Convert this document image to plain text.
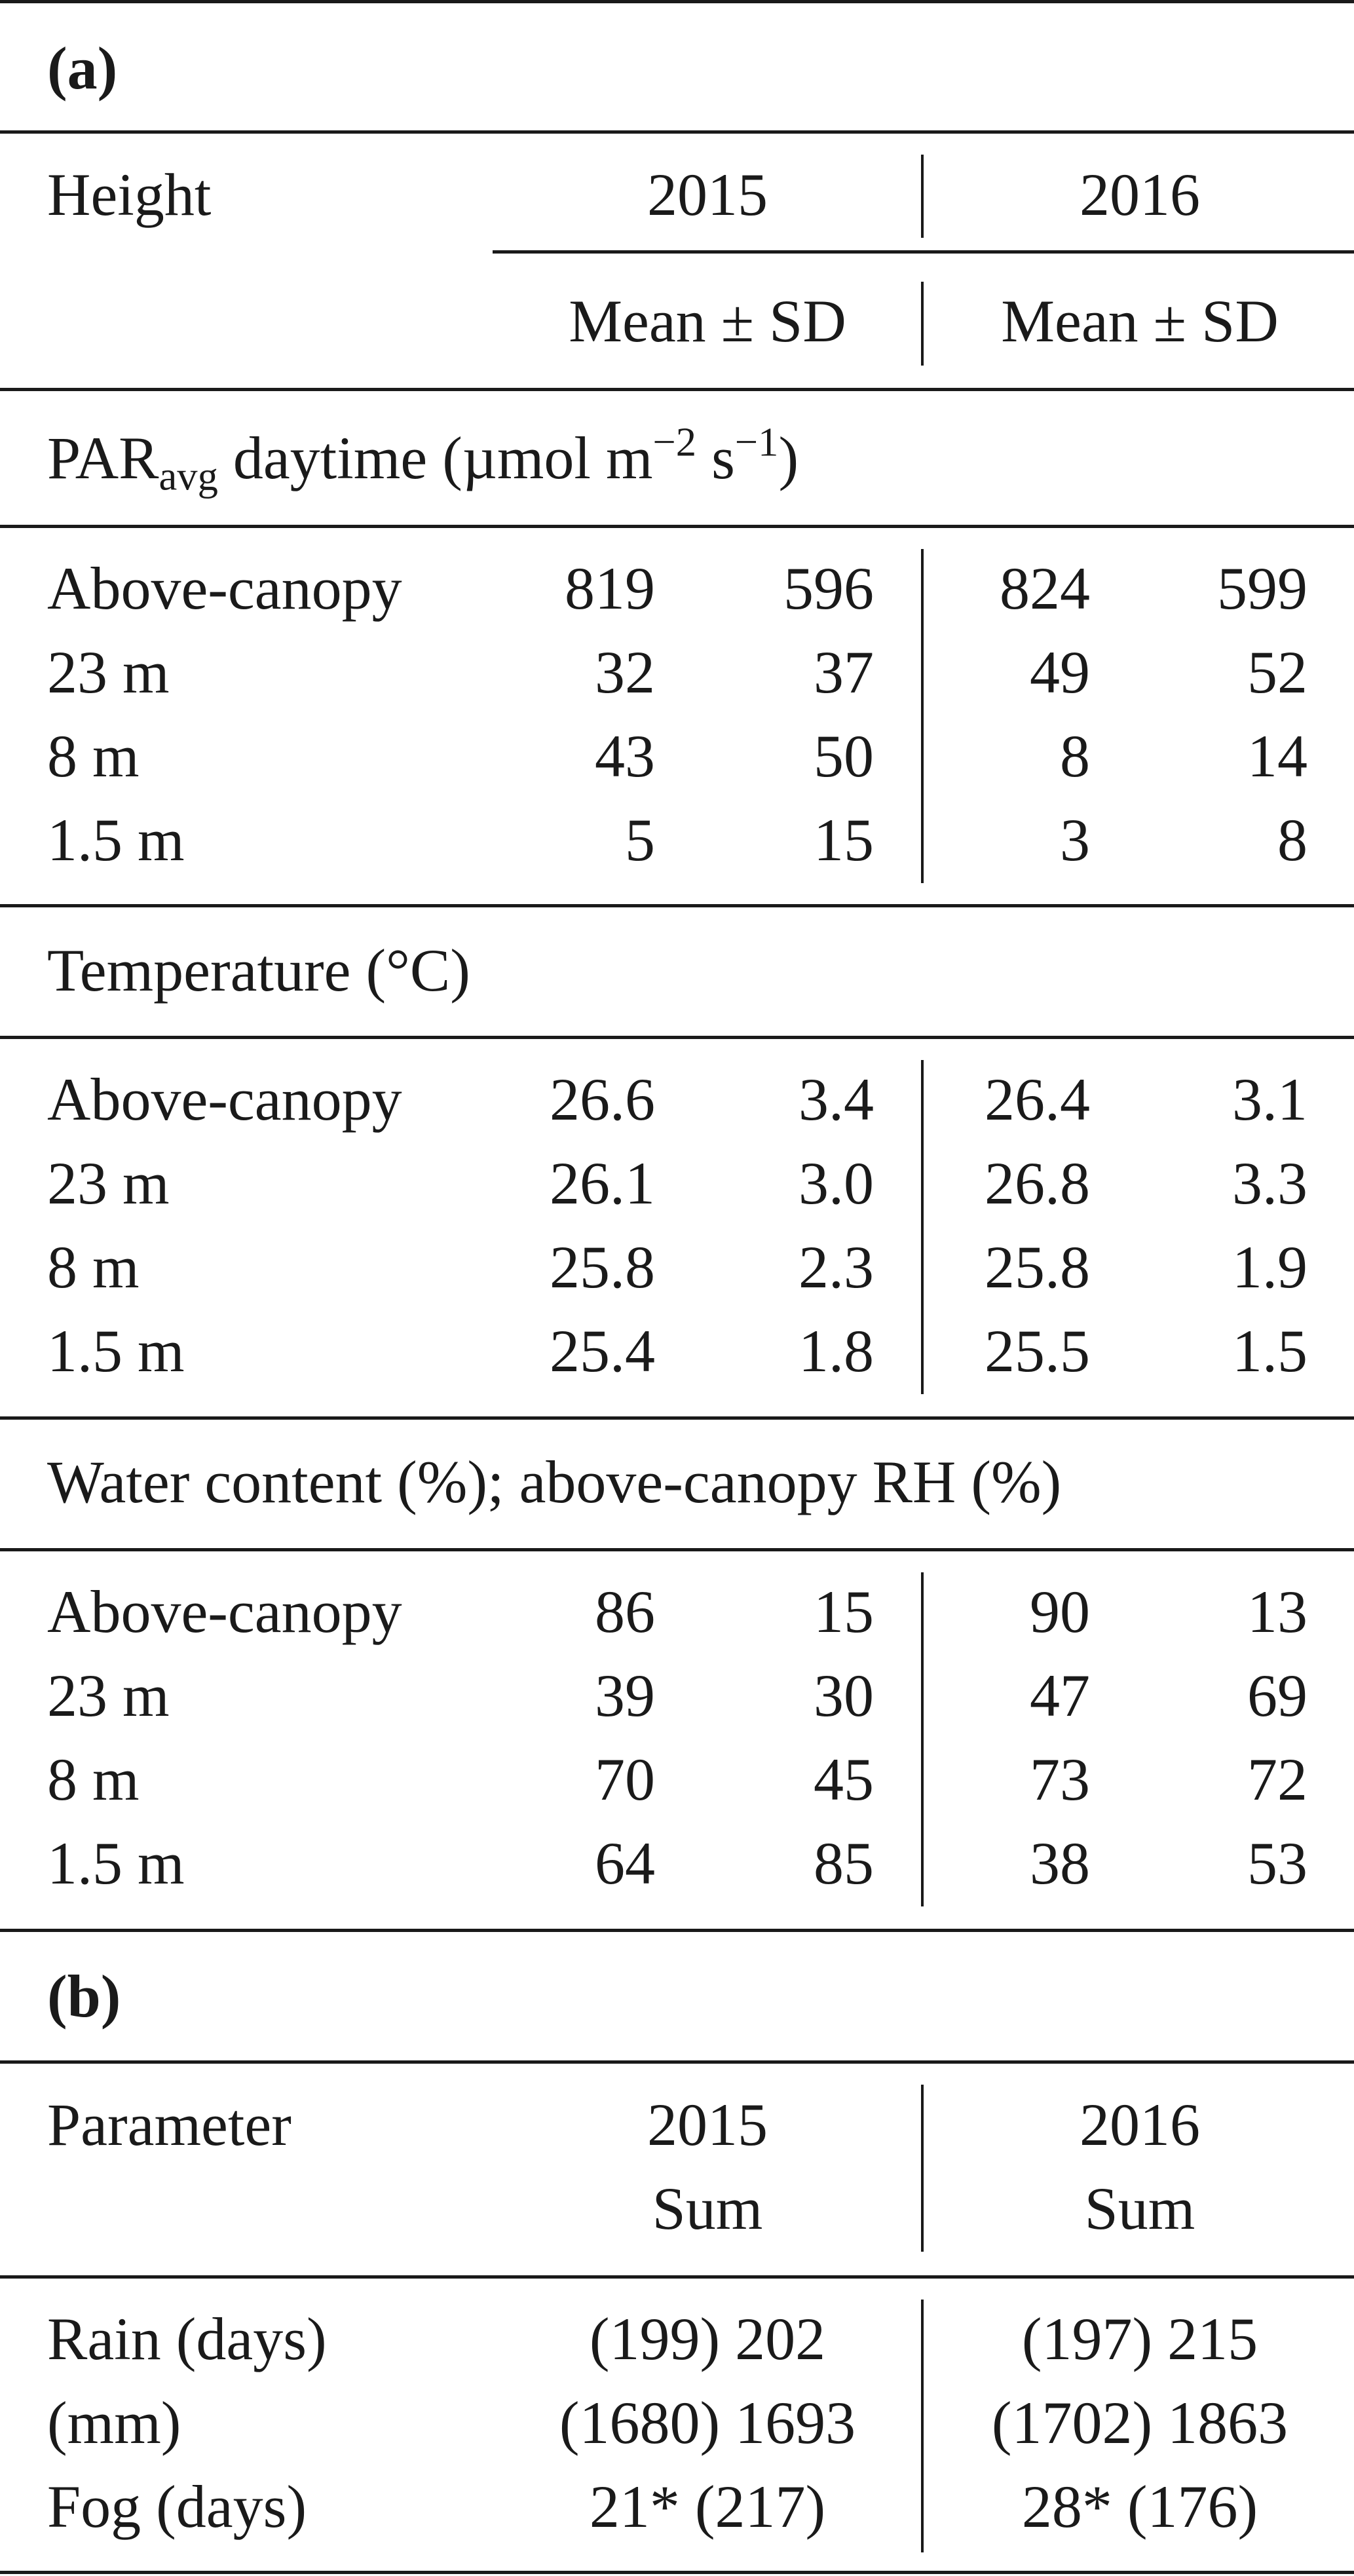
(a)
Height	2015	2016
Mean ± SD	Mean ± SD
$PAR_{avg}$ daytime (µmol $m^{-2}$ $s^{-1}$)
Above-canopy	819	596	824	599
23 m	32	37	49	52
8 m	43	50	8	14
1.5 m	5	15	3	8
Temperature (°C)
Above-canopy	26.6	3.4	26.4	3.1
23 m	26.1	3.0	26.8	3.3
8 m	25.8	2.3	25.8	1.9
1.5 m	25.4	1.8	25.5	1.5
Water content (%); above-canopy RH (%)
Above-canopy	86	15	90	13
23 m	39	30	47	69
8 m	70	45	73	72
1.5 m	64	85	38	53
(b)
Parameter	2015	2016
Sum	Sum
Rain (days)	(199) 202	(197) 215
(mm)	(1680) 1693	(1702) 1863
Fog (days)	21* (217)	28* (176)
